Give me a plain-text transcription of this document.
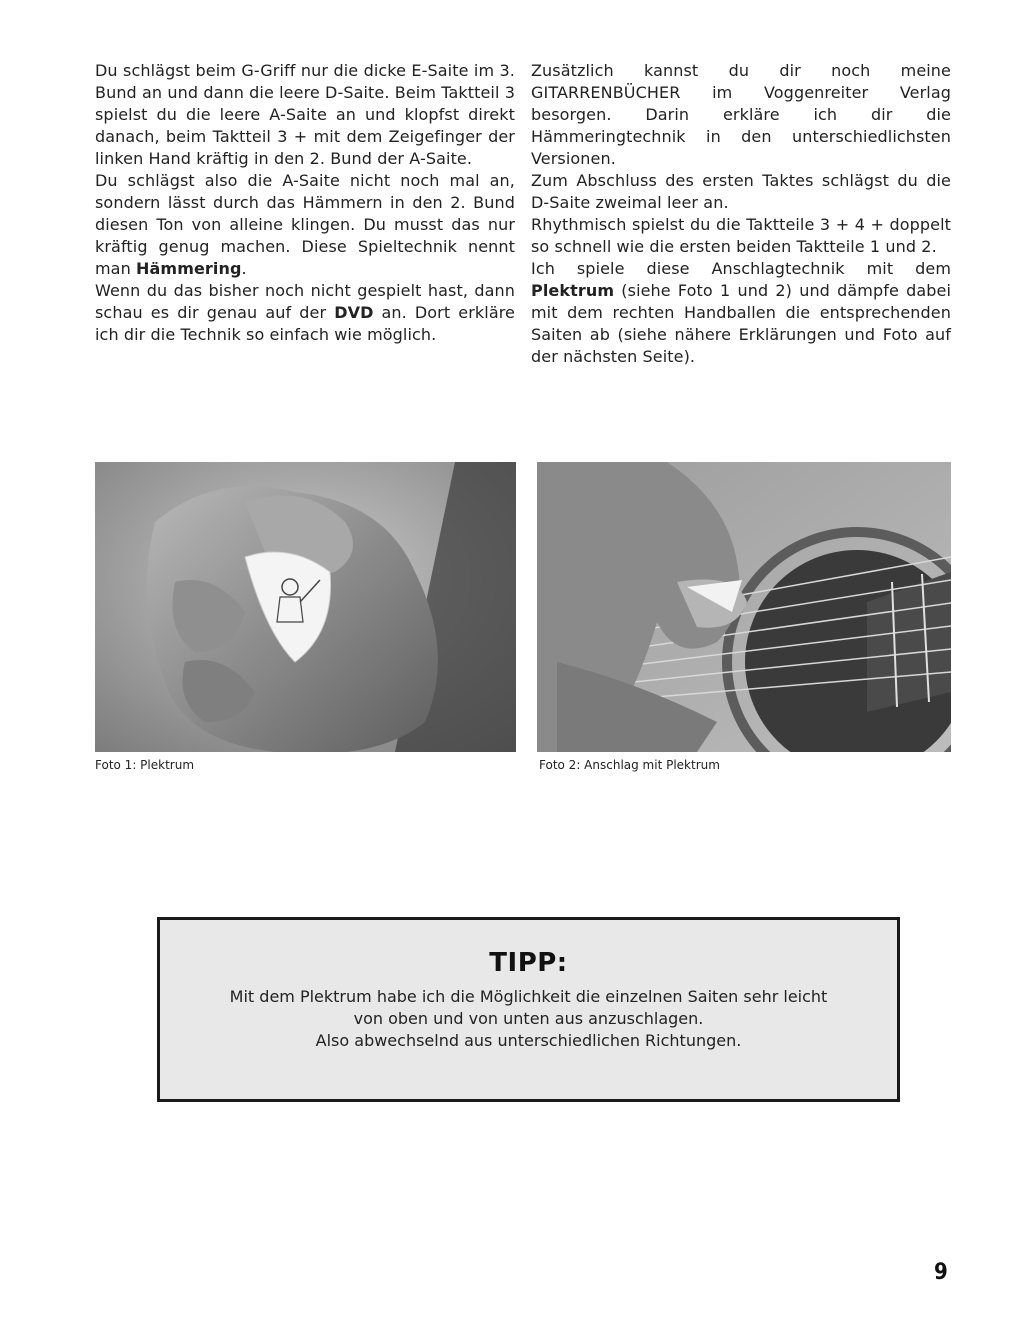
Du schlägst beim G-Griff nur die dicke E-Saite im 3. Bund an und dann die leere D-Saite. Beim Taktteil 3 spielst du die leere A-Saite an und klopfst direkt danach, beim Taktteil 3 + mit dem Zeigefinger der linken Hand kräftig in den 2. Bund der A-Saite.

Du schlägst also die A-Saite nicht noch mal an, sondern lässt durch das Hämmern in den 2. Bund diesen Ton von alleine klingen. Du musst das nur kräftig genug machen. Diese Spieltechnik nennt man Hämmering.

Wenn du das bisher noch nicht gespielt hast, dann schau es dir genau auf der DVD an. Dort erkläre ich dir die Technik so einfach wie möglich.

Zusätzlich kannst du dir noch meine GITARRENBÜCHER im Voggenreiter Verlag besorgen. Darin erkläre ich dir die Hämmeringtechnik in den unterschiedlichsten Versionen.

Zum Abschluss des ersten Taktes schlägst du die D-Saite zweimal leer an.

Rhythmisch spielst du die Taktteile 3 + 4 + doppelt so schnell wie die ersten beiden Taktteile 1 und 2.

Ich spiele diese Anschlagtechnik mit dem Plektrum (siehe Foto 1 und 2) und dämpfe dabei mit dem rechten Handballen die entsprechenden Saiten ab (siehe nähere Erklärungen und Foto auf der nächsten Seite).

Foto 1: Plektrum	Foto 2: Anschlag mit Plektrum
TIPP:
Mit dem Plektrum habe ich die Möglichkeit die einzelnen Saiten sehr leicht
von oben und von unten aus anzuschlagen.
Also abwechselnd aus unterschiedlichen Richtungen.
9
